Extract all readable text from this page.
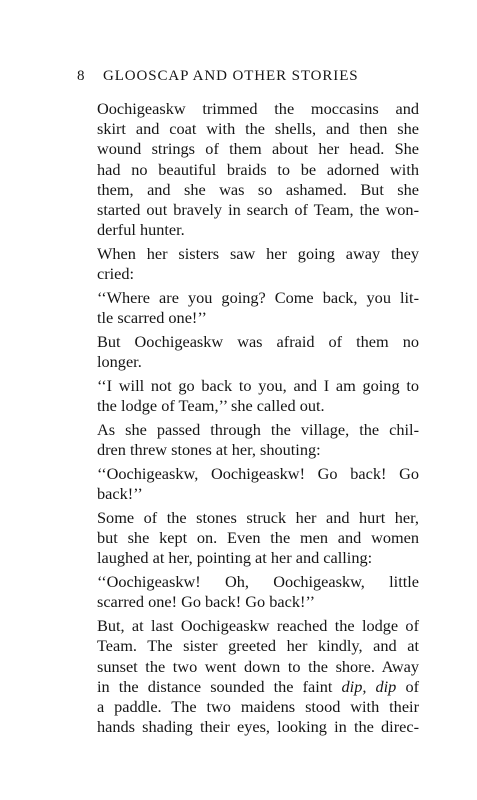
8 GLOOSCAP AND OTHER STORIES

Oochigeaskw trimmed the moccasins and
skirt and coat with the shells, and then she
wound strings of them about her head. She
had no beautiful braids to be adorned with
them, and she was so ashamed. But she
started out bravely in search of Team, the won-
derful hunter.

When her sisters saw her going away they
cried:

‘‘Where are you going? Come back, you lit-
tle scarred one!’’

But Oochigeaskw was afraid of them no
longer.

‘‘I will not go back to you, and I am going to
the lodge of Team,’’ she called out.

As she passed through the village, the chil-
dren threw stones at her, shouting:

‘‘Oochigeaskw, Oochigeaskw! Go back! Go
back!’’

Some of the stones struck her and hurt her,
but she kept on. Even the men and women
laughed at her, pointing at her and calling:

‘‘Oochigeaskw! Oh, Oochigeaskw, little
scarred one! Go back! Go back!’’

But, at last Oochigeaskw reached the lodge of
Team. The sister greeted her kindly, and at
sunset the two went down to the shore. Away
in the distance sounded the faint dip, dip of
a paddle. The two maidens stood with their
hands shading their eyes, looking in the direc-
